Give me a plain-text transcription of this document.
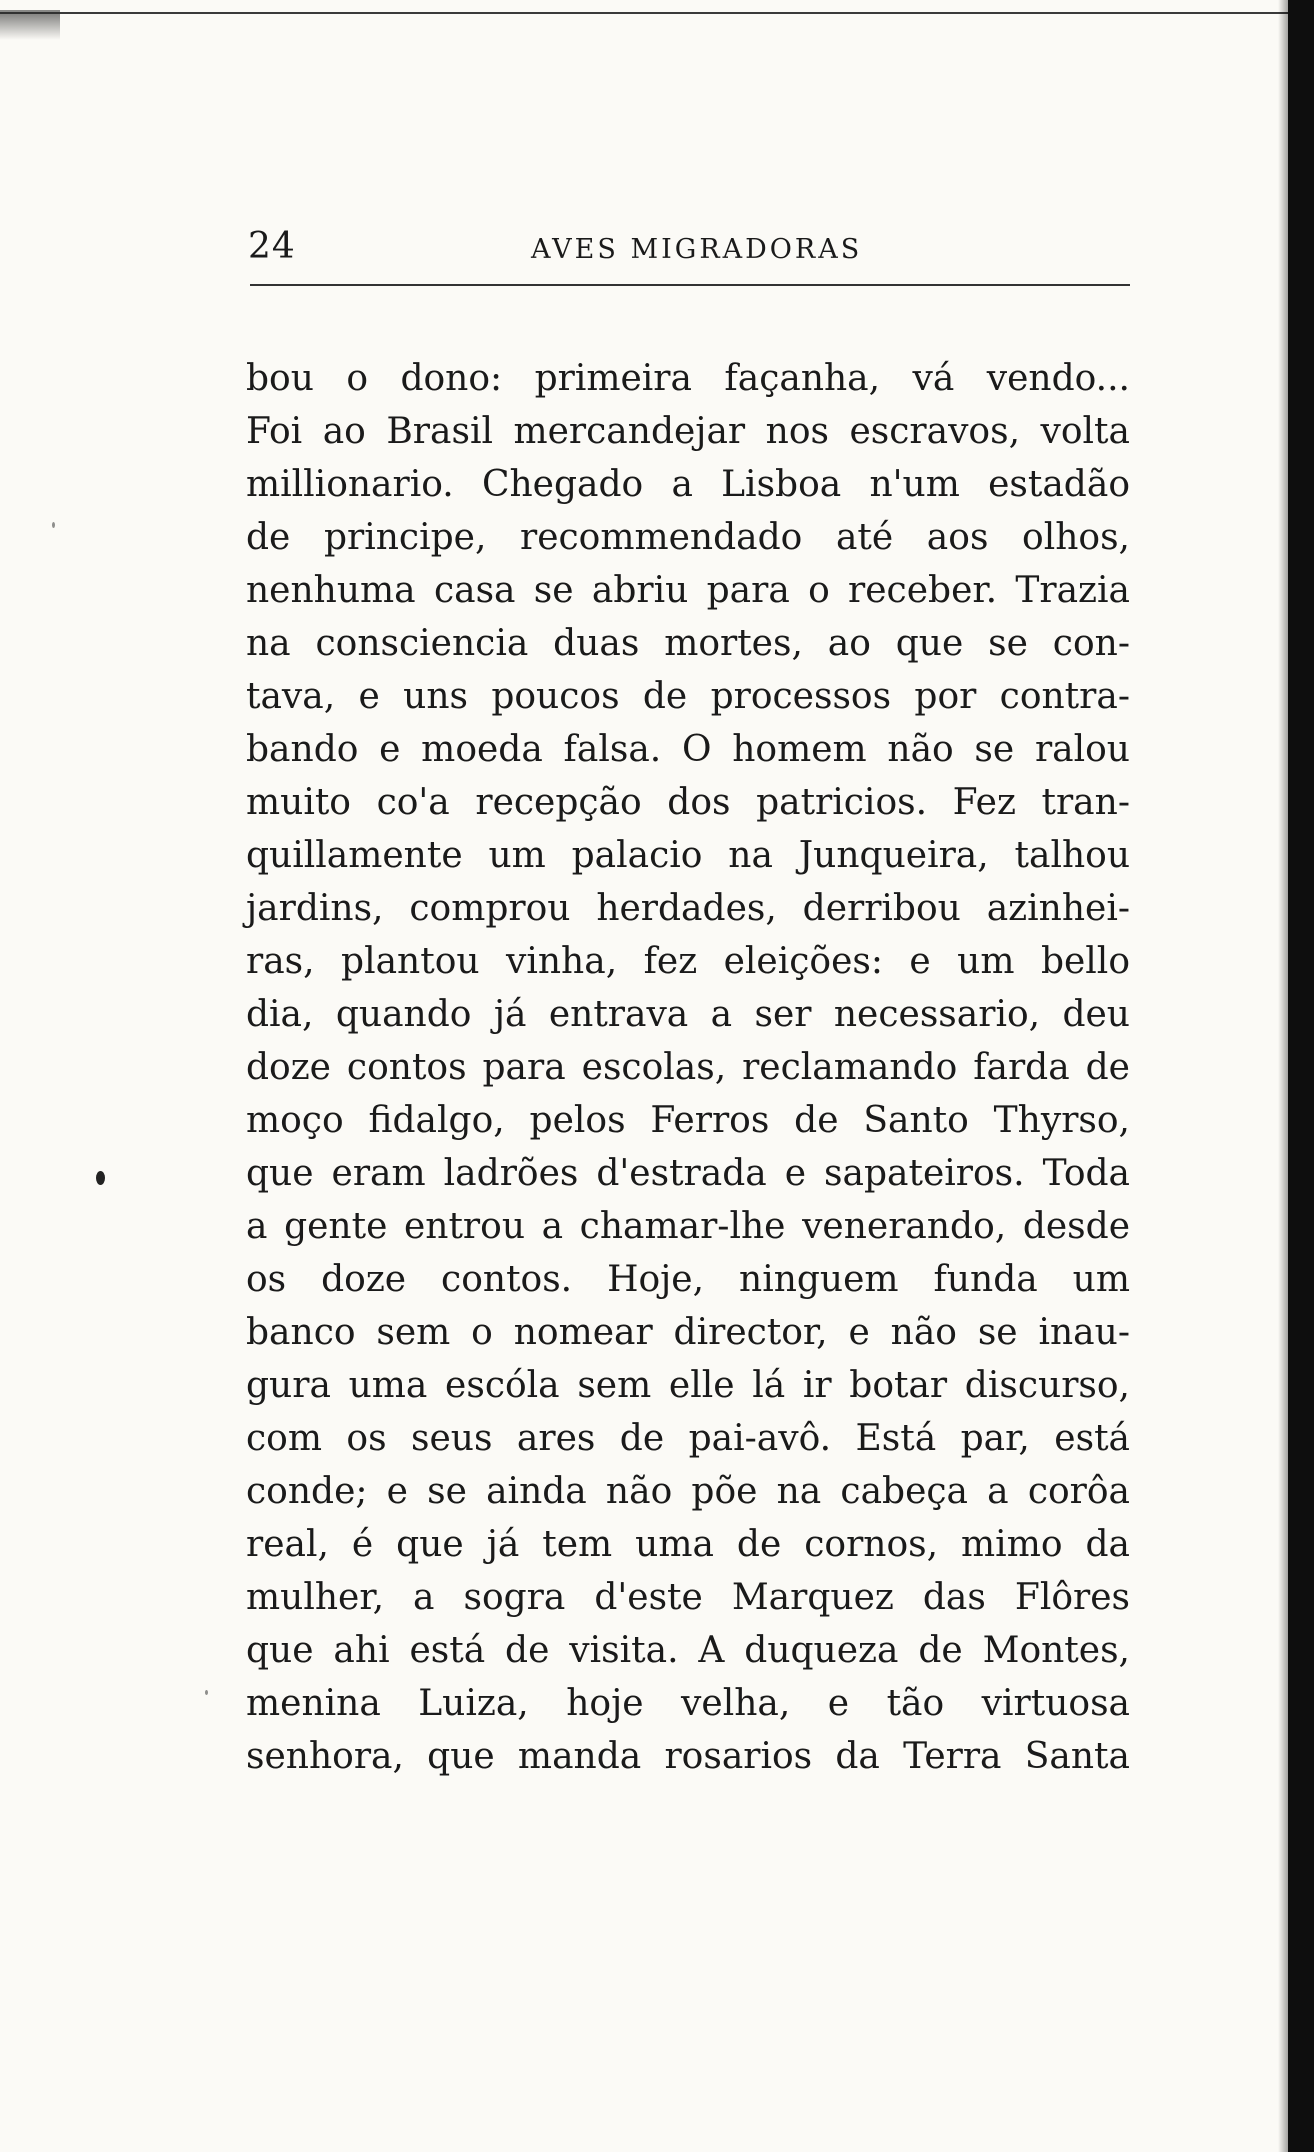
24	AVES MIGRADORAS
bou o dono: primeira façanha, vá vendo...
Foi ao Brasil mercandejar nos escravos, volta
millionario. Chegado a Lisboa n'um estadão
de principe, recommendado até aos olhos,
nenhuma casa se abriu para o receber. Trazia
na consciencia duas mortes, ao que se con-
tava, e uns poucos de processos por contra-
bando e moeda falsa. O homem não se ralou
muito co'a recepção dos patricios. Fez tran-
quillamente um palacio na Junqueira, talhou
jardins, comprou herdades, derribou azinhei-
ras, plantou vinha, fez eleições: e um bello
dia, quando já entrava a ser necessario, deu
doze contos para escolas, reclamando farda de
moço fidalgo, pelos Ferros de Santo Thyrso,
que eram ladrões d'estrada e sapateiros. Toda
a gente entrou a chamar-lhe venerando, desde
os doze contos. Hoje, ninguem funda um
banco sem o nomear director, e não se inau-
gura uma escóla sem elle lá ir botar discurso,
com os seus ares de pai-avô. Está par, está
conde; e se ainda não põe na cabeça a corôa
real, é que já tem uma de cornos, mimo da
mulher, a sogra d'este Marquez das Flôres
que ahi está de visita. A duqueza de Montes,
menina Luiza, hoje velha, e tão virtuosa
senhora, que manda rosarios da Terra Santa
